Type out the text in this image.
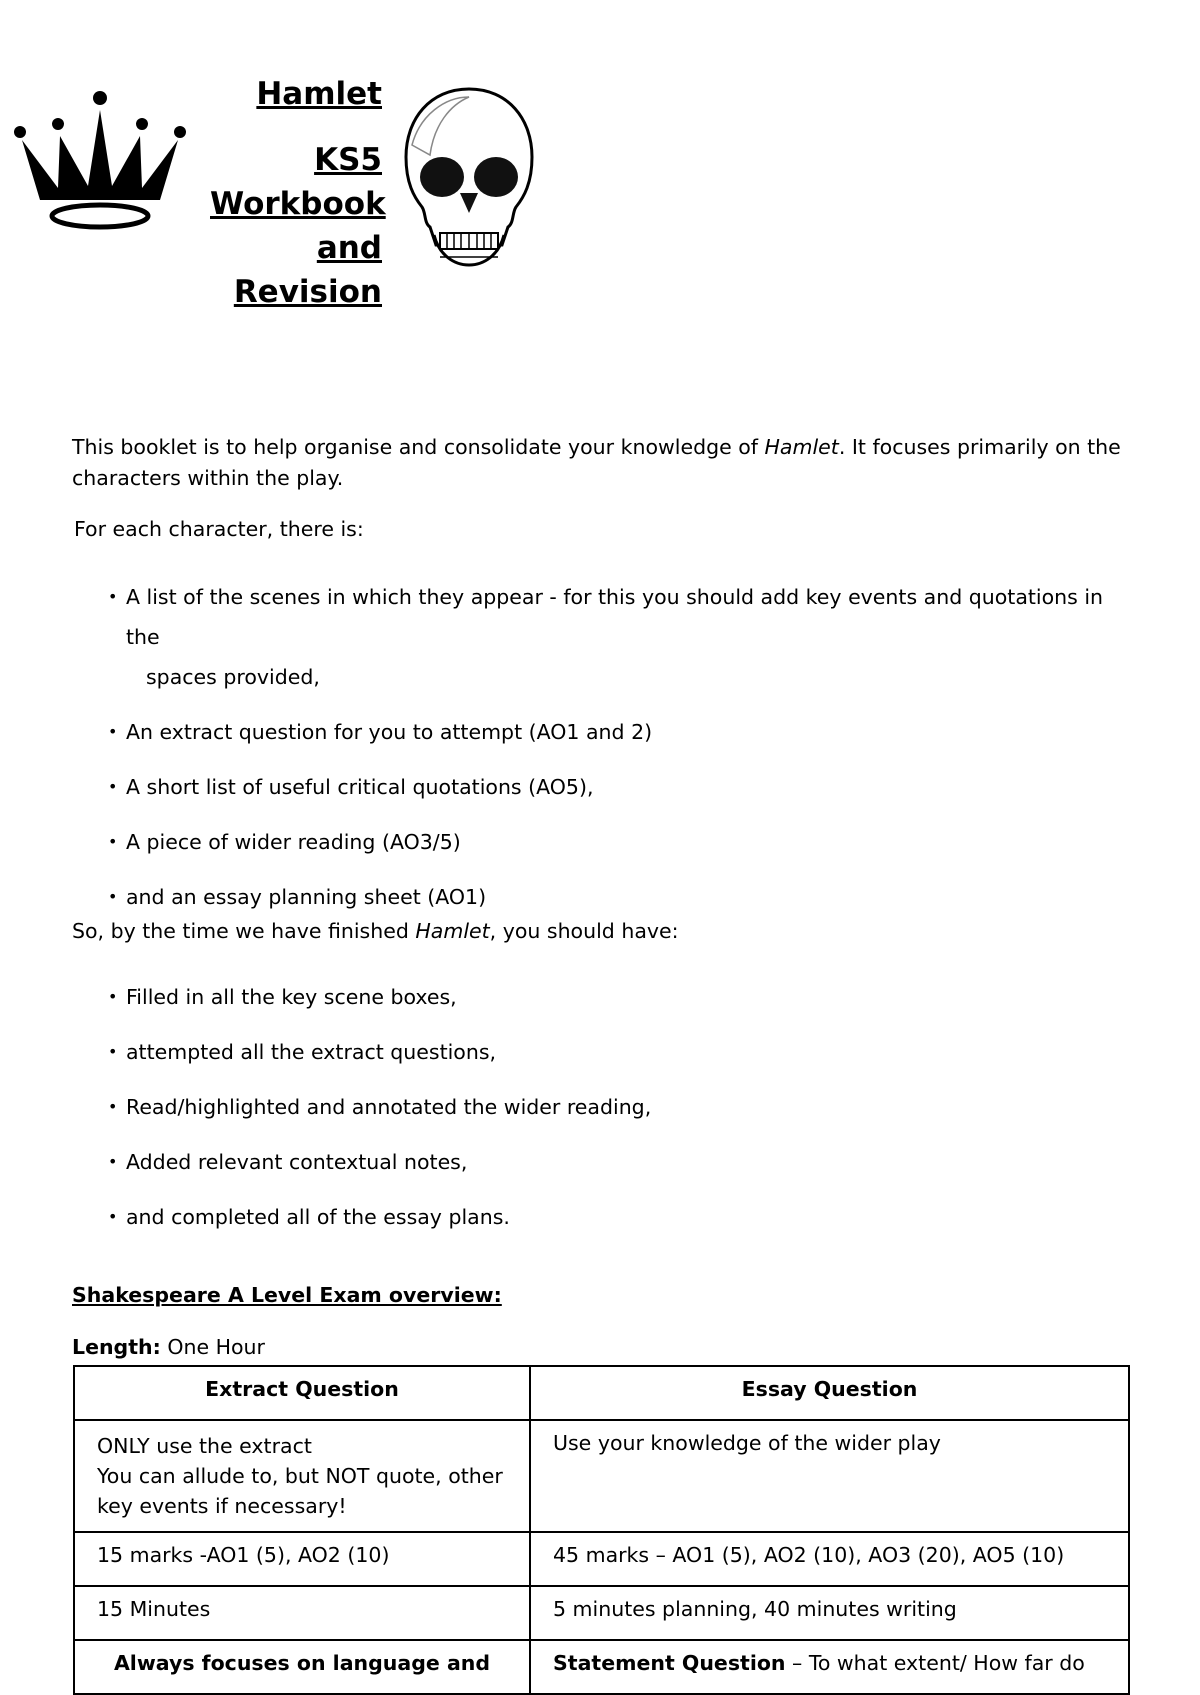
Hamlet
KS5
Workbook
and
Revision
This booklet is to help organise and consolidate your knowledge of Hamlet. It focuses primarily on the characters within the play.
For each character, there is:
• A list of the scenes in which they appear - for this you should add key events and quotations in the
spaces provided,
• An extract question for you to attempt (AO1 and 2)
• A short list of useful critical quotations (AO5),
• A piece of wider reading (AO3/5)
• and an essay planning sheet (AO1)
So, by the time we have finished Hamlet, you should have:
• Filled in all the key scene boxes,
• attempted all the extract questions,
• Read/highlighted and annotated the wider reading,
• Added relevant contextual notes,
• and completed all of the essay plans.
Shakespeare A Level Exam overview:
Length: One Hour
Extract Question	Essay Question

ONLY use the extract
You can allude to, but NOT quote, other
key events if necessary!	Use your knowledge of the wider play
15 marks -AO1 (5), AO2 (10)	45 marks – AO1 (5), AO2 (10), AO3 (20), AO5 (10)
15 Minutes	5 minutes planning, 40 minutes writing
Always focuses on language and	Statement Question – To what extent/ How far do
